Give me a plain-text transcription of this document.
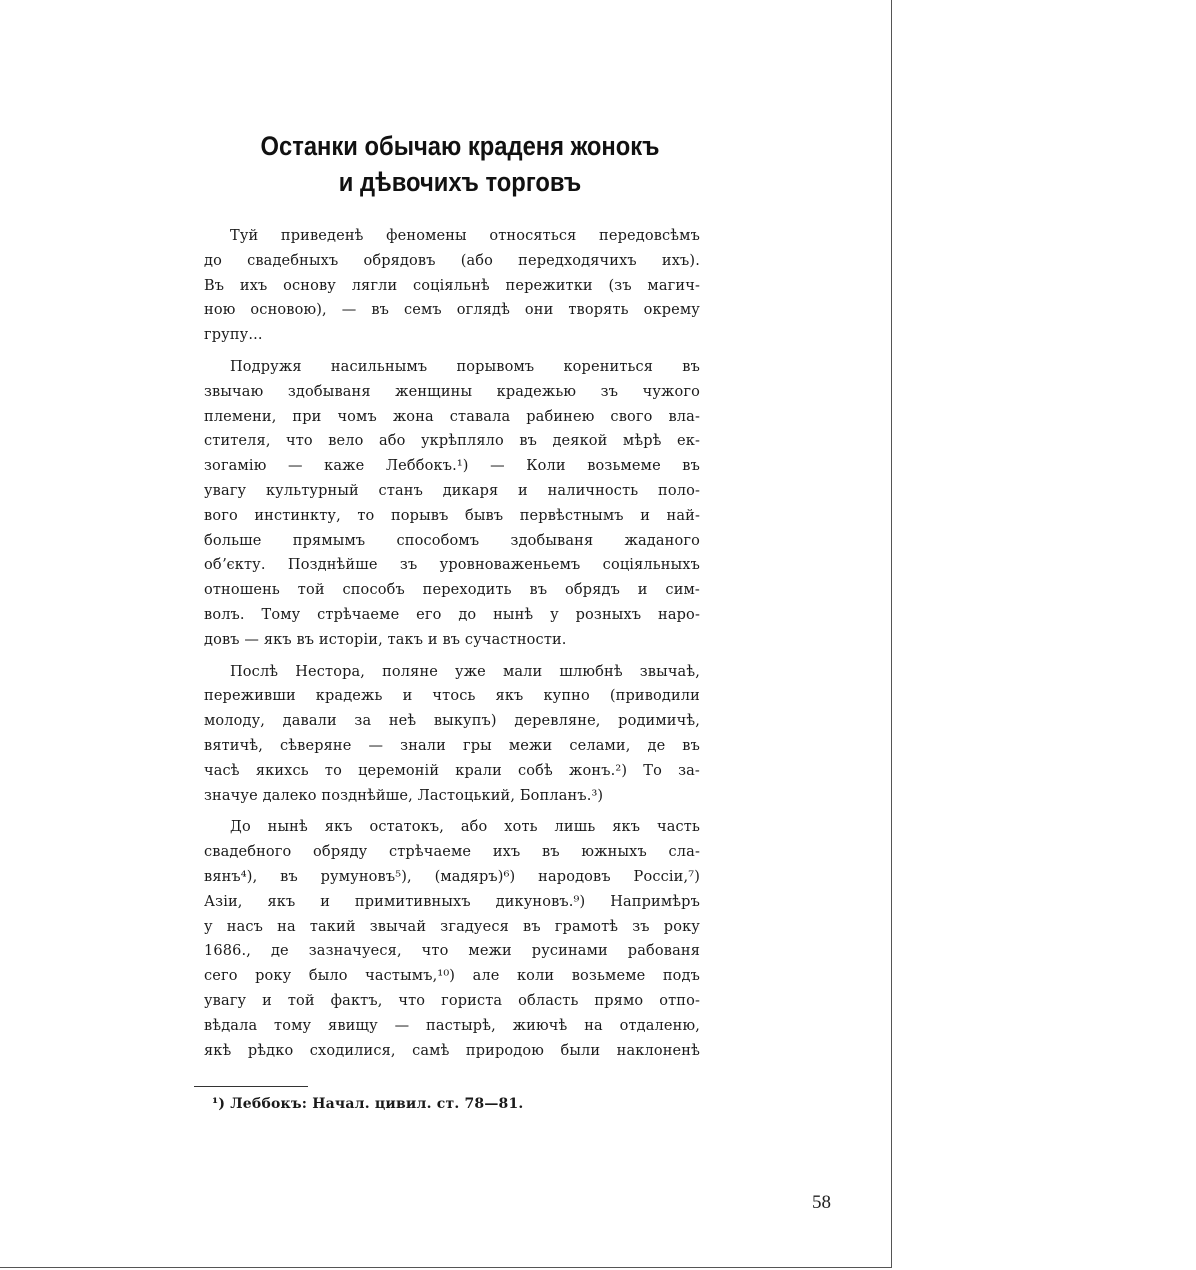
Останки обычаю краденя жонокъ
и дѣвочихъ торговъ
Туй приведенѣ феномены относяться передовсѣмъ
до свадебныхъ обрядовъ (або передходячихъ ихъ).
Въ ихъ основу лягли соціяльнѣ пережитки (зъ магич-
ною основою), — въ семъ оглядѣ они творять окрему
групу...
Подружя насильнымъ порывомъ корениться въ
звычаю здобываня женщины крадежью зъ чужого
племени, при чомъ жона ставала рабинею свого вла-
стителя, что вело або укрѣпляло въ деякой мѣрѣ ек-
зогамію — каже Леббокъ.¹) — Коли возьмеме въ
увагу культурный станъ дикаря и наличность поло-
вого инстинкту, то порывъ бывъ первѣстнымъ и най-
больше прямымъ способомъ здобываня жаданого
обʼєкту. Позднѣйше зъ уровноваженьемъ соціяльныхъ
отношень той способъ переходить въ обрядъ и сим-
волъ. Тому стрѣчаеме его до нынѣ у розныхъ наро-
довъ — якъ въ исторіи, такъ и въ сучастности.
Послѣ Нестора, поляне уже мали шлюбнѣ звычаѣ,
переживши крадежь и чтось якъ купно (приводили
молоду, давали за неѣ выкупъ) деревляне, родимичѣ,
вятичѣ, сѣверяне — знали гры межи селами, де въ
часѣ якихсь то церемоній крали собѣ жонъ.²) То за-
значуе далеко позднѣйше, Ластоцький, Бопланъ.³)
До нынѣ якъ остатокъ, або хоть лишь якъ часть
свадебного обряду стрѣчаеме ихъ въ южныхъ сла-
вянъ⁴), въ румуновъ⁵), (мадяръ)⁶) народовъ Россіи,⁷)
Азіи, якъ и примитивныхъ дикуновъ.⁹) Напримѣръ
у насъ на такий звычай згадуеся въ грамотѣ зъ року
1686., де зазначуеся, что межи русинами рабованя
сего року было частымъ,¹⁰) але коли возьмеме подъ
увагу и той фактъ, что гориста область прямо отпо-
вѣдала тому явищу — пастырѣ, жиючѣ на отдаленю,
якѣ рѣдко сходилися, самѣ природою были наклоненѣ
¹) Леббокъ: Начал. цивил. ст. 78—81.
58
